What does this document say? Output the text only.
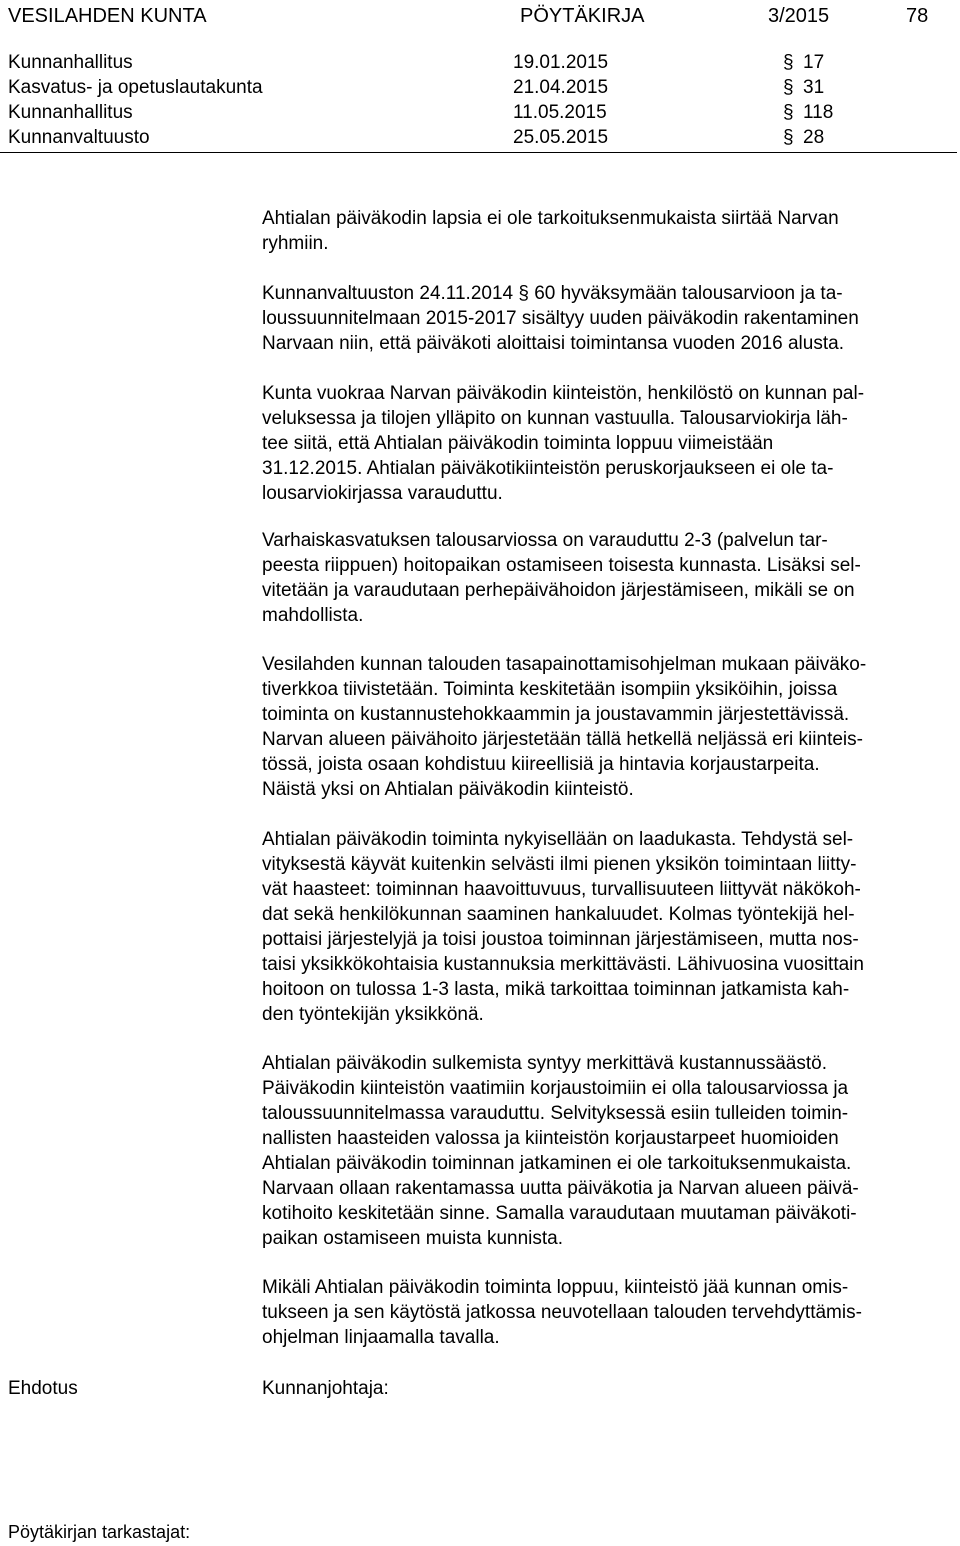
VESILAHDEN KUNTA	PÖYTÄKIRJA	3/2015	78
Kunnanhallitus	19.01.2015	§ 17
Kasvatus- ja opetuslautakunta	21.04.2015	§ 31
Kunnanhallitus	11.05.2015	§ 118
Kunnanvaltuusto	25.05.2015	§ 28
Ahtialan päiväkodin lapsia ei ole tarkoituksenmukaista siirtää Narvan
ryhmiin.
Kunnanvaltuuston 24.11.2014 § 60 hyväksymään talousarvioon ja ta-
loussuunnitelmaan 2015-2017 sisältyy uuden päiväkodin rakentaminen
Narvaan niin, että päiväkoti aloittaisi toimintansa vuoden 2016 alusta.
Kunta vuokraa Narvan päiväkodin kiinteistön, henkilöstö on kunnan pal-
veluksessa ja tilojen ylläpito on kunnan vastuulla. Talousarviokirja läh-
tee siitä, että Ahtialan päiväkodin toiminta loppuu viimeistään
31.12.2015. Ahtialan päiväkotikiinteistön peruskorjaukseen ei ole ta-
lousarviokirjassa varauduttu.
Varhaiskasvatuksen talousarviossa on varauduttu 2-3 (palvelun tar-
peesta riippuen) hoitopaikan ostamiseen toisesta kunnasta. Lisäksi sel-
vitetään ja varaudutaan perhepäivähoidon järjestämiseen, mikäli se on
mahdollista.
Vesilahden kunnan talouden tasapainottamisohjelman mukaan päiväko-
tiverkkoa tiivistetään. Toiminta keskitetään isompiin yksiköihin, joissa
toiminta on kustannustehokkaammin ja joustavammin järjestettävissä.
Narvan alueen päivähoito järjestetään tällä hetkellä neljässä eri kiinteis-
tössä, joista osaan kohdistuu kiireellisiä ja hintavia korjaustarpeita.
Näistä yksi on Ahtialan päiväkodin kiinteistö.
Ahtialan päiväkodin toiminta nykyisellään on laadukasta. Tehdystä sel-
vityksestä käyvät kuitenkin selvästi ilmi pienen yksikön toimintaan liitty-
vät haasteet: toiminnan haavoittuvuus, turvallisuuteen liittyvät näkökoh-
dat sekä henkilökunnan saaminen hankaluudet. Kolmas työntekijä hel-
pottaisi järjestelyjä ja toisi joustoa toiminnan järjestämiseen, mutta nos-
taisi yksikkökohtaisia kustannuksia merkittävästi. Lähivuosina vuosittain
hoitoon on tulossa 1-3 lasta, mikä tarkoittaa toiminnan jatkamista kah-
den työntekijän yksikkönä.
Ahtialan päiväkodin sulkemista syntyy merkittävä kustannussäästö.
Päiväkodin kiinteistön vaatimiin korjaustoimiin ei olla talousarviossa ja
taloussuunnitelmassa varauduttu. Selvityksessä esiin tulleiden toimin-
nallisten haasteiden valossa ja kiinteistön korjaustarpeet huomioiden
Ahtialan päiväkodin toiminnan jatkaminen ei ole tarkoituksenmukaista.
Narvaan ollaan rakentamassa uutta päiväkotia ja Narvan alueen päivä-
kotihoito keskitetään sinne. Samalla varaudutaan muutaman päiväkoti-
paikan ostamiseen muista kunnista.
Mikäli Ahtialan päiväkodin toiminta loppuu, kiinteistö jää kunnan omis-
tukseen ja sen käytöstä jatkossa neuvotellaan talouden tervehdyttämis-
ohjelman linjaamalla tavalla.
Ehdotus	Kunnanjohtaja:
Pöytäkirjan tarkastajat:
